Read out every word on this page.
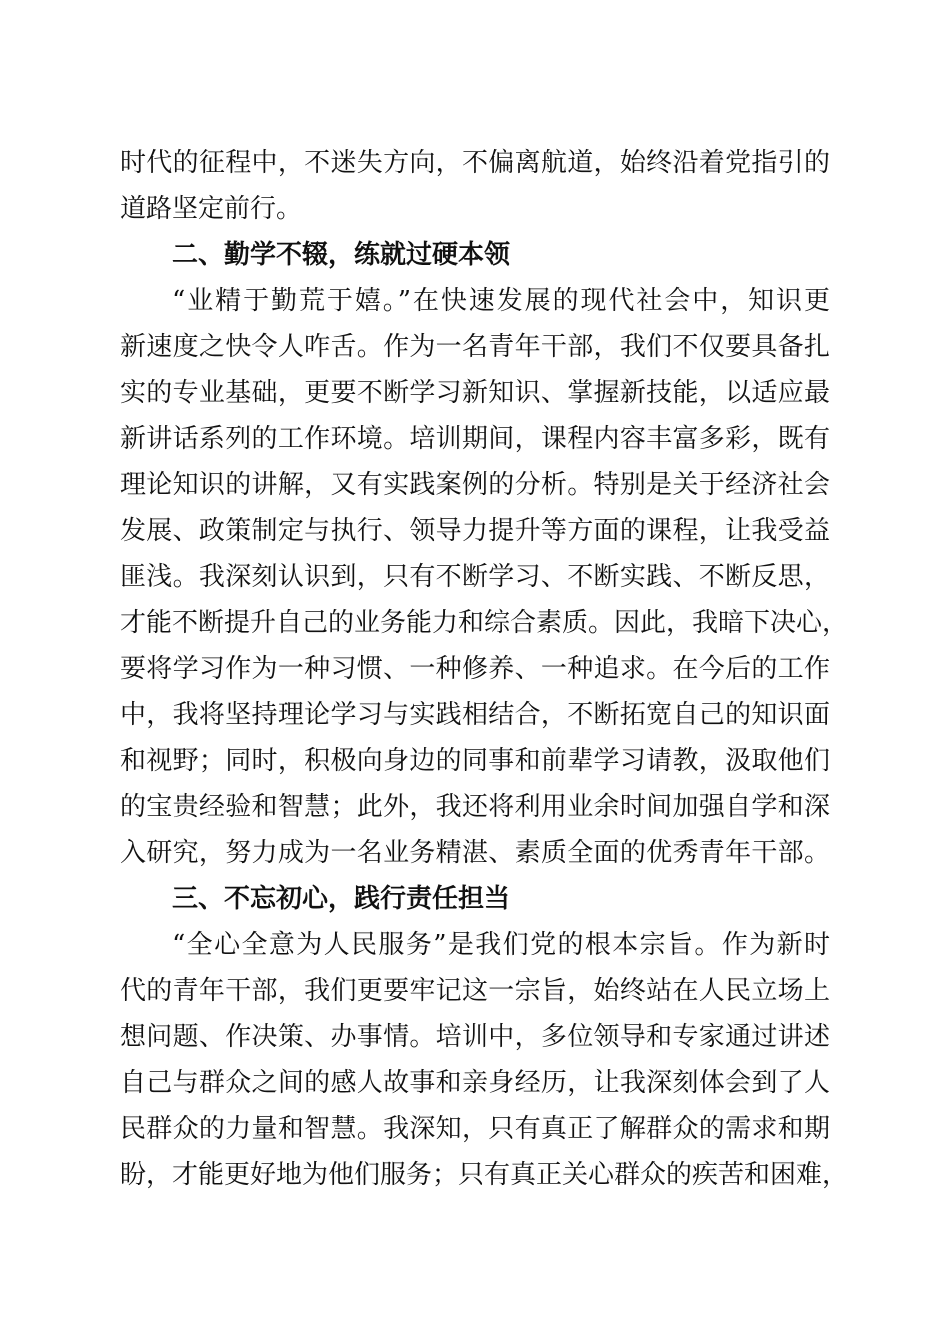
时代的征程中，不迷失方向，不偏离航道，始终沿着党指引的
道路坚定前行。
二、勤学不辍，练就过硬本领
“业精于勤荒于嬉。”在快速发展的现代社会中，知识更
新速度之快令人咋舌。作为一名青年干部，我们不仅要具备扎
实的专业基础，更要不断学习新知识、掌握新技能，以适应最
新讲话系列的工作环境。培训期间，课程内容丰富多彩，既有
理论知识的讲解，又有实践案例的分析。特别是关于经济社会
发展、政策制定与执行、领导力提升等方面的课程，让我受益
匪浅。我深刻认识到，只有不断学习、不断实践、不断反思，
才能不断提升自己的业务能力和综合素质。因此，我暗下决心，
要将学习作为一种习惯、一种修养、一种追求。在今后的工作
中，我将坚持理论学习与实践相结合，不断拓宽自己的知识面
和视野；同时，积极向身边的同事和前辈学习请教，汲取他们
的宝贵经验和智慧；此外，我还将利用业余时间加强自学和深
入研究，努力成为一名业务精湛、素质全面的优秀青年干部。
三、不忘初心，践行责任担当
“全心全意为人民服务”是我们党的根本宗旨。作为新时
代的青年干部，我们更要牢记这一宗旨，始终站在人民立场上
想问题、作决策、办事情。培训中，多位领导和专家通过讲述
自己与群众之间的感人故事和亲身经历，让我深刻体会到了人
民群众的力量和智慧。我深知，只有真正了解群众的需求和期
盼，才能更好地为他们服务；只有真正关心群众的疾苦和困难，
